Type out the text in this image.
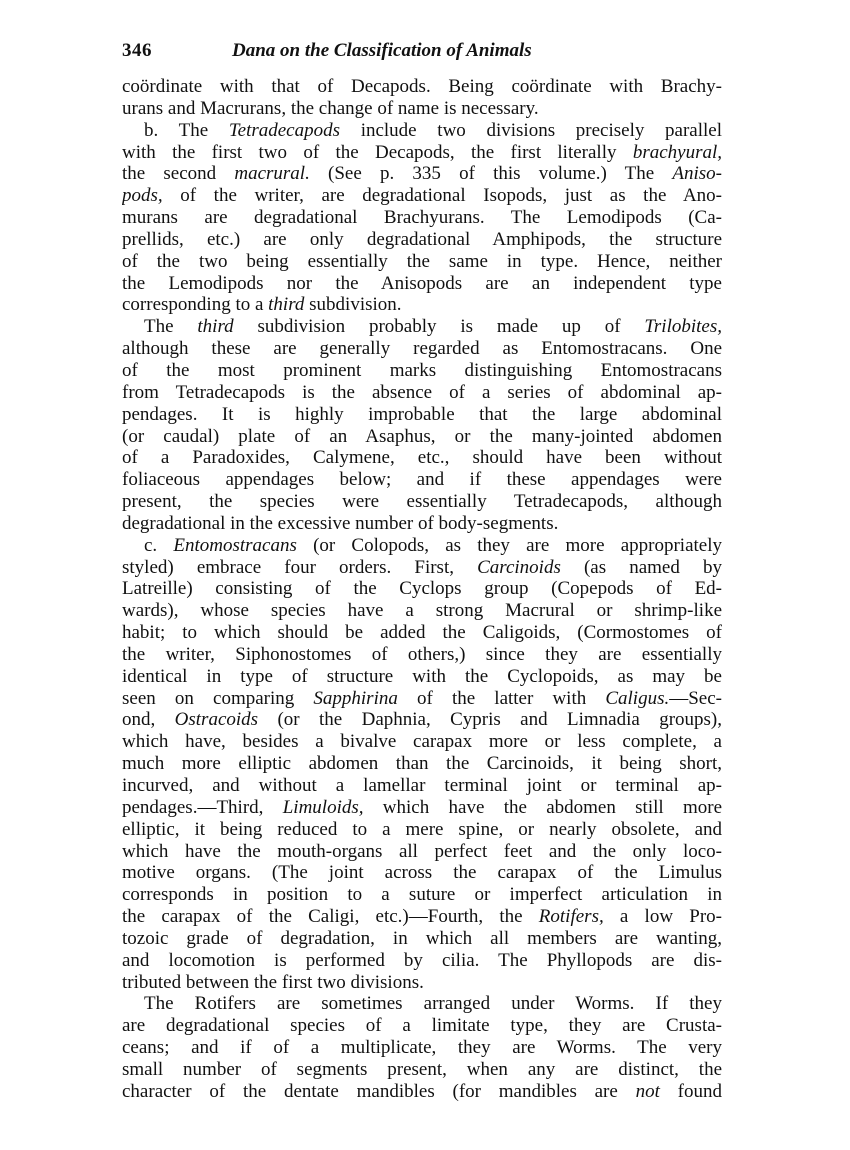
346	Dana on the Classification of Animals
coördinate with that of Decapods. Being coördinate with Brachy-
urans and Macrurans, the change of name is necessary.
b. The Tetradecapods include two divisions precisely parallel
with the first two of the Decapods, the first literally brachyural,
the second macrural. (See p. 335 of this volume.) The Aniso-
pods, of the writer, are degradational Isopods, just as the Ano-
murans are degradational Brachyurans. The Lemodipods (Ca-
prellids, etc.) are only degradational Amphipods, the structure
of the two being essentially the same in type. Hence, neither
the Lemodipods nor the Anisopods are an independent type
corresponding to a third subdivision.
The third subdivision probably is made up of Trilobites,
although these are generally regarded as Entomostracans. One
of the most prominent marks distinguishing Entomostracans
from Tetradecapods is the absence of a series of abdominal ap-
pendages. It is highly improbable that the large abdominal
(or caudal) plate of an Asaphus, or the many-jointed abdomen
of a Paradoxides, Calymene, etc., should have been without
foliaceous appendages below; and if these appendages were
present, the species were essentially Tetradecapods, although
degradational in the excessive number of body-segments.
c. Entomostracans (or Colopods, as they are more appropriately
styled) embrace four orders. First, Carcinoids (as named by
Latreille) consisting of the Cyclops group (Copepods of Ed-
wards), whose species have a strong Macrural or shrimp-like
habit; to which should be added the Caligoids, (Cormostomes of
the writer, Siphonostomes of others,) since they are essentially
identical in type of structure with the Cyclopoids, as may be
seen on comparing Sapphirina of the latter with Caligus.—Sec-
ond, Ostracoids (or the Daphnia, Cypris and Limnadia groups),
which have, besides a bivalve carapax more or less complete, a
much more elliptic abdomen than the Carcinoids, it being short,
incurved, and without a lamellar terminal joint or terminal ap-
pendages.—Third, Limuloids, which have the abdomen still more
elliptic, it being reduced to a mere spine, or nearly obsolete, and
which have the mouth-organs all perfect feet and the only loco-
motive organs. (The joint across the carapax of the Limulus
corresponds in position to a suture or imperfect articulation in
the carapax of the Caligi, etc.)—Fourth, the Rotifers, a low Pro-
tozoic grade of degradation, in which all members are wanting,
and locomotion is performed by cilia. The Phyllopods are dis-
tributed between the first two divisions.
The Rotifers are sometimes arranged under Worms. If they
are degradational species of a limitate type, they are Crusta-
ceans; and if of a multiplicate, they are Worms. The very
small number of segments present, when any are distinct, the
character of the dentate mandibles (for mandibles are not found
